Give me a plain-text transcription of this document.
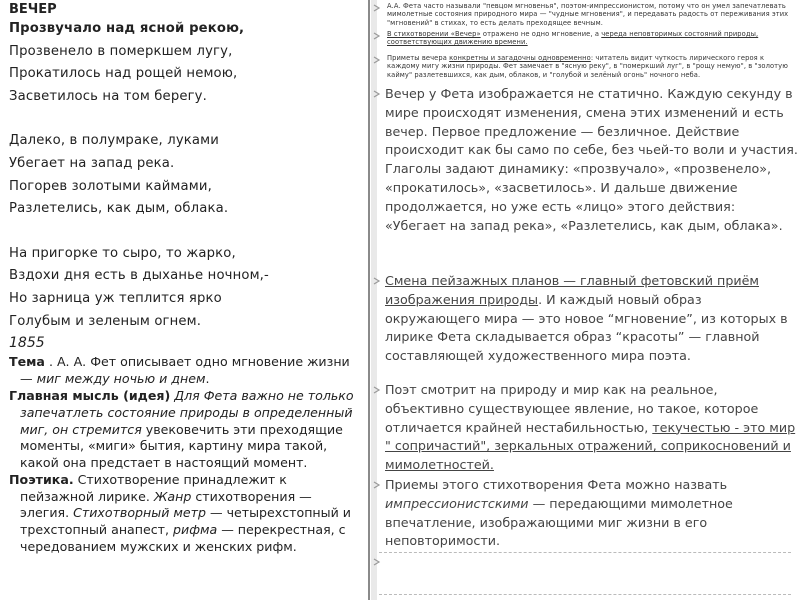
ВЕЧЕР
Прозвучало над ясной рекою,
Прозвенело в померкшем лугу,
Прокатилось над рощей немою,
Засветилось на том берегу.
Далеко, в полумраке, луками
Убегает на запад река.
Погорев золотыми каймами,
Разлетелись, как дым, облака.
На пригорке то сыро, то жарко,
Вздохи дня есть в дыханье ночном,-
Но зарница уж теплится ярко
Голубым и зеленым огнем.
1855
Тема . А. А. Фет описывает одно мгновение жизни — миг между ночью и днем.
Главная мысль (идея) Для Фета важно не только запечатлеть состояние природы в определенный миг, он стремится увековечить эти преходящие моменты, «миги» бытия, картину мира такой, какой она предстает в настоящий момент.
Поэтика. Стихотворение принадлежит к пейзажной лирике. Жанр стихотворения — элегия. Стихотворный метр — четырехстопный и трехстопный анапест, рифма — перекрестная, с чередованием мужских и женских рифм.
А.А. Фета часто называли "певцом мгновенья", поэтом-импрессионистом, потому что он умел запечатлевать мимолетные состояния природного мира — "чудные мгновения", и передавать радость от переживания этих "мгновений" в стихах, то есть делать преходящее вечным.
В стихотворении «Вечер» отражено не одно мгновение, а череда неповторимых состояний природы, соответствующих движению времени.
Приметы вечера конкретны и загадочны одновременно: читатель видит чуткость лирического героя к каждому мигу жизни природы. Фет замечает в "ясную реку", в "померкший луг", в "рощу немую", в "золотую кайму" разлетевшихся, как дым, облаков, и "голубой и зелёный огонь" ночного неба.
Вечер у Фета изображается не статично. Каждую секунду в мире происходят изменения, смена этих изменений и есть вечер. Первое предложение — безличное. Действие происходит как бы само по себе, без чьей-то воли и участия. Глаголы задают динамику: «прозвучало», «прозвенело», «прокатилось», «засветилось». И дальше движение продолжается, но уже есть «лицо» этого действия: «Убегает на запад река», «Разлетелись, как дым, облака».
Смена пейзажных планов — главный фетовский приём изображения природы. И каждый новый образ окружающего мира — это новое “мгновение”, из которых в лирике Фета складывается образ “красоты” — главной составляющей художественного мира поэта.
Поэт смотрит на природу и мир как на реальное, объективно существующее явление, но такое, которое отличается крайней нестабильностью, текучестью - это мир " сопричастий", зеркальных отражений, соприкосновений и мимолетностей.
Приемы этого стихотворения Фета можно назвать импрессионистскими — передающими мимолетное впечатление, изображающими миг жизни в его неповторимости.
